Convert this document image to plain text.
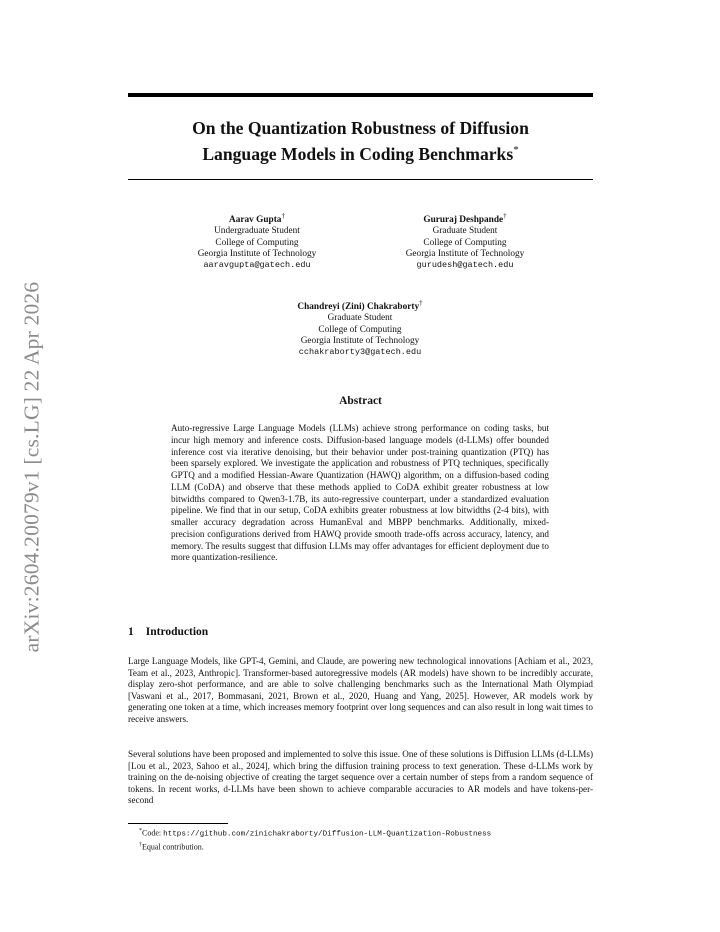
arXiv:2604.20079v1 [cs.LG] 22 Apr 2026
On the Quantization Robustness of Diffusion
Language Models in Coding Benchmarks*
Aarav Gupta†
Undergraduate Student
College of Computing
Georgia Institute of Technology
aaravgupta@gatech.edu
Gururaj Deshpande†
Graduate Student
College of Computing
Georgia Institute of Technology
gurudesh@gatech.edu
Chandreyi (Zini) Chakraborty†
Graduate Student
College of Computing
Georgia Institute of Technology
cchakraborty3@gatech.edu
Abstract

Auto-regressive Large Language Models (LLMs) achieve strong performance on coding tasks, but incur high memory and inference costs. Diffusion-based language models (d-LLMs) offer bounded inference cost via iterative denoising, but their behavior under post-training quantization (PTQ) has been sparsely explored. We investigate the application and robustness of PTQ techniques, specifically GPTQ and a modified Hessian-Aware Quantization (HAWQ) algorithm, on a diffusion-based coding LLM (CoDA) and observe that these methods applied to CoDA exhibit greater robustness at low bitwidths compared to Qwen3-1.7B, its auto-regressive counterpart, under a standardized evaluation pipeline. We find that in our setup, CoDA exhibits greater robustness at low bitwidths (2-4 bits), with smaller accuracy degradation across HumanEval and MBPP benchmarks. Additionally, mixed-precision configurations derived from HAWQ provide smooth trade-offs across accuracy, latency, and memory. The results suggest that diffusion LLMs may offer advantages for efficient deployment due to more quantization-resilience.

1 Introduction

Large Language Models, like GPT-4, Gemini, and Claude, are powering new technological innovations [Achiam et al., 2023, Team et al., 2023, Anthropic]. Transformer-based autoregressive models (AR models) have shown to be incredibly accurate, display zero-shot performance, and are able to solve challenging benchmarks such as the International Math Olympiad [Vaswani et al., 2017, Bommasani, 2021, Brown et al., 2020, Huang and Yang, 2025]. However, AR models work by generating one token at a time, which increases memory footprint over long sequences and can also result in long wait times to receive answers.

Several solutions have been proposed and implemented to solve this issue. One of these solutions is Diffusion LLMs (d-LLMs) [Lou et al., 2023, Sahoo et al., 2024], which bring the diffusion training process to text generation. These d-LLMs work by training on the de-noising objective of creating the target sequence over a certain number of steps from a random sequence of tokens. In recent works, d-LLMs have been shown to achieve comparable accuracies to AR models and have tokens-per-second

*Code: https://github.com/zinichakraborty/Diffusion-LLM-Quantization-Robustness
†Equal contribution.
